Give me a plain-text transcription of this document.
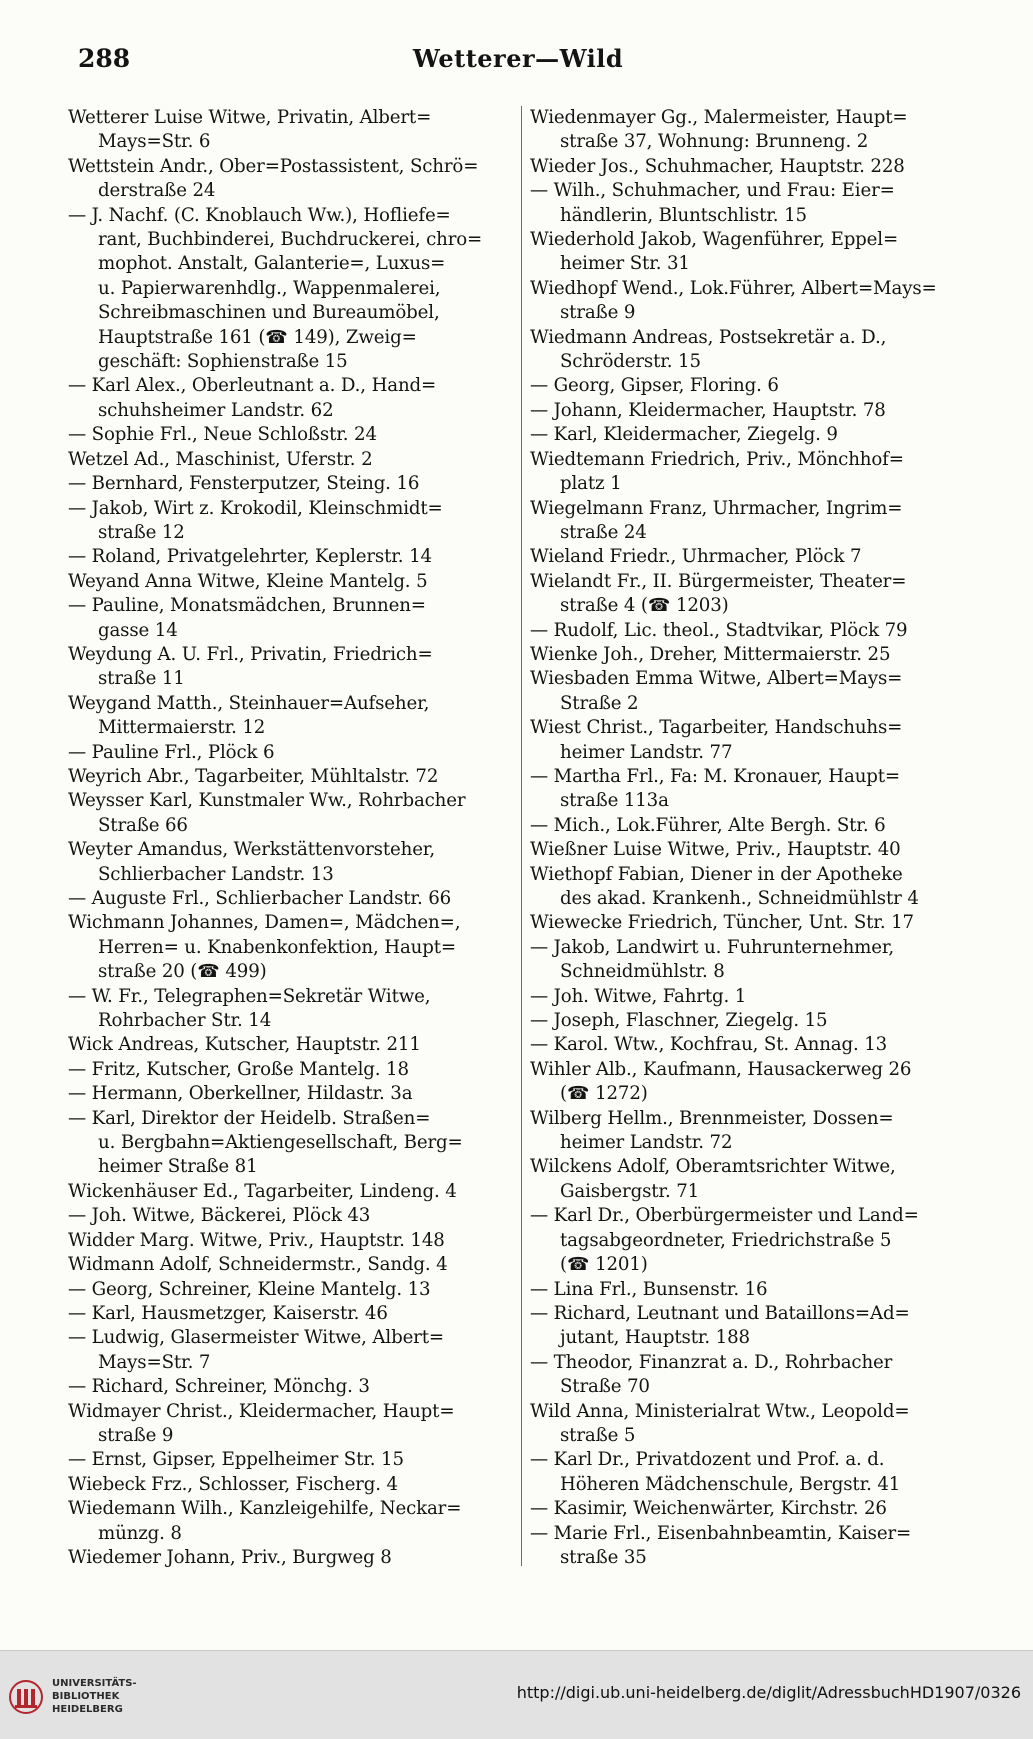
288	Wetterer—Wild
Wetterer Luise Witwe, Privatin, Albert=
Mays=Str. 6
Wettstein Andr., Ober=Postassistent, Schrö=
derstraße 24
— J. Nachf. (C. Knoblauch Ww.), Hofliefe=
rant, Buchbinderei, Buchdruckerei, chro=
mophot. Anstalt, Galanterie=, Luxus=
u. Papierwarenhdlg., Wappenmalerei,
Schreibmaschinen und Bureaumöbel,
Hauptstraße 161 (☎ 149), Zweig=
geschäft: Sophienstraße 15
— Karl Alex., Oberleutnant a. D., Hand=
schuhsheimer Landstr. 62
— Sophie Frl., Neue Schloßstr. 24
Wetzel Ad., Maschinist, Uferstr. 2
— Bernhard, Fensterputzer, Steing. 16
— Jakob, Wirt z. Krokodil, Kleinschmidt=
straße 12
— Roland, Privatgelehrter, Keplerstr. 14
Weyand Anna Witwe, Kleine Mantelg. 5
— Pauline, Monatsmädchen, Brunnen=
gasse 14
Weydung A. U. Frl., Privatin, Friedrich=
straße 11
Weygand Matth., Steinhauer=Aufseher,
Mittermaierstr. 12
— Pauline Frl., Plöck 6
Weyrich Abr., Tagarbeiter, Mühltalstr. 72
Weysser Karl, Kunstmaler Ww., Rohrbacher
Straße 66
Weyter Amandus, Werkstättenvorsteher,
Schlierbacher Landstr. 13
— Auguste Frl., Schlierbacher Landstr. 66
Wichmann Johannes, Damen=, Mädchen=,
Herren= u. Knabenkonfektion, Haupt=
straße 20 (☎ 499)
— W. Fr., Telegraphen=Sekretär Witwe,
Rohrbacher Str. 14
Wick Andreas, Kutscher, Hauptstr. 211
— Fritz, Kutscher, Große Mantelg. 18
— Hermann, Oberkellner, Hildastr. 3a
— Karl, Direktor der Heidelb. Straßen=
u. Bergbahn=Aktiengesellschaft, Berg=
heimer Straße 81
Wickenhäuser Ed., Tagarbeiter, Lindeng. 4
— Joh. Witwe, Bäckerei, Plöck 43
Widder Marg. Witwe, Priv., Hauptstr. 148
Widmann Adolf, Schneidermstr., Sandg. 4
— Georg, Schreiner, Kleine Mantelg. 13
— Karl, Hausmetzger, Kaiserstr. 46
— Ludwig, Glasermeister Witwe, Albert=
Mays=Str. 7
— Richard, Schreiner, Mönchg. 3
Widmayer Christ., Kleidermacher, Haupt=
straße 9
— Ernst, Gipser, Eppelheimer Str. 15
Wiebeck Frz., Schlosser, Fischerg. 4
Wiedemann Wilh., Kanzleigehilfe, Neckar=
münzg. 8
Wiedemer Johann, Priv., Burgweg 8
Wiedenmayer Gg., Malermeister, Haupt=
straße 37, Wohnung: Brunneng. 2
Wieder Jos., Schuhmacher, Hauptstr. 228
— Wilh., Schuhmacher, und Frau: Eier=
händlerin, Bluntschlistr. 15
Wiederhold Jakob, Wagenführer, Eppel=
heimer Str. 31
Wiedhopf Wend., Lok.Führer, Albert=Mays=
straße 9
Wiedmann Andreas, Postsekretär a. D.,
Schröderstr. 15
— Georg, Gipser, Floring. 6
— Johann, Kleidermacher, Hauptstr. 78
— Karl, Kleidermacher, Ziegelg. 9
Wiedtemann Friedrich, Priv., Mönchhof=
platz 1
Wiegelmann Franz, Uhrmacher, Ingrim=
straße 24
Wieland Friedr., Uhrmacher, Plöck 7
Wielandt Fr., II. Bürgermeister, Theater=
straße 4 (☎ 1203)
— Rudolf, Lic. theol., Stadtvikar, Plöck 79
Wienke Joh., Dreher, Mittermaierstr. 25
Wiesbaden Emma Witwe, Albert=Mays=
Straße 2
Wiest Christ., Tagarbeiter, Handschuhs=
heimer Landstr. 77
— Martha Frl., Fa: M. Kronauer, Haupt=
straße 113a
— Mich., Lok.Führer, Alte Bergh. Str. 6
Wießner Luise Witwe, Priv., Hauptstr. 40
Wiethopf Fabian, Diener in der Apotheke
des akad. Krankenh., Schneidmühlstr 4
Wiewecke Friedrich, Tüncher, Unt. Str. 17
— Jakob, Landwirt u. Fuhrunternehmer,
Schneidmühlstr. 8
— Joh. Witwe, Fahrtg. 1
— Joseph, Flaschner, Ziegelg. 15
— Karol. Wtw., Kochfrau, St. Annag. 13
Wihler Alb., Kaufmann, Hausackerweg 26
(☎ 1272)
Wilberg Hellm., Brennmeister, Dossen=
heimer Landstr. 72
Wilckens Adolf, Oberamtsrichter Witwe,
Gaisbergstr. 71
— Karl Dr., Oberbürgermeister und Land=
tagsabgeordneter, Friedrichstraße 5
(☎ 1201)
— Lina Frl., Bunsenstr. 16
— Richard, Leutnant und Bataillons=Ad=
jutant, Hauptstr. 188
— Theodor, Finanzrat a. D., Rohrbacher
Straße 70
Wild Anna, Ministerialrat Wtw., Leopold=
straße 5
— Karl Dr., Privatdozent und Prof. a. d.
Höheren Mädchenschule, Bergstr. 41
— Kasimir, Weichenwärter, Kirchstr. 26
— Marie Frl., Eisenbahnbeamtin, Kaiser=
straße 35
UNIVERSITÄTS-
BIBLIOTHEK
HEIDELBERG
http://digi.ub.uni-heidelberg.de/diglit/AdressbuchHD1907/0326
